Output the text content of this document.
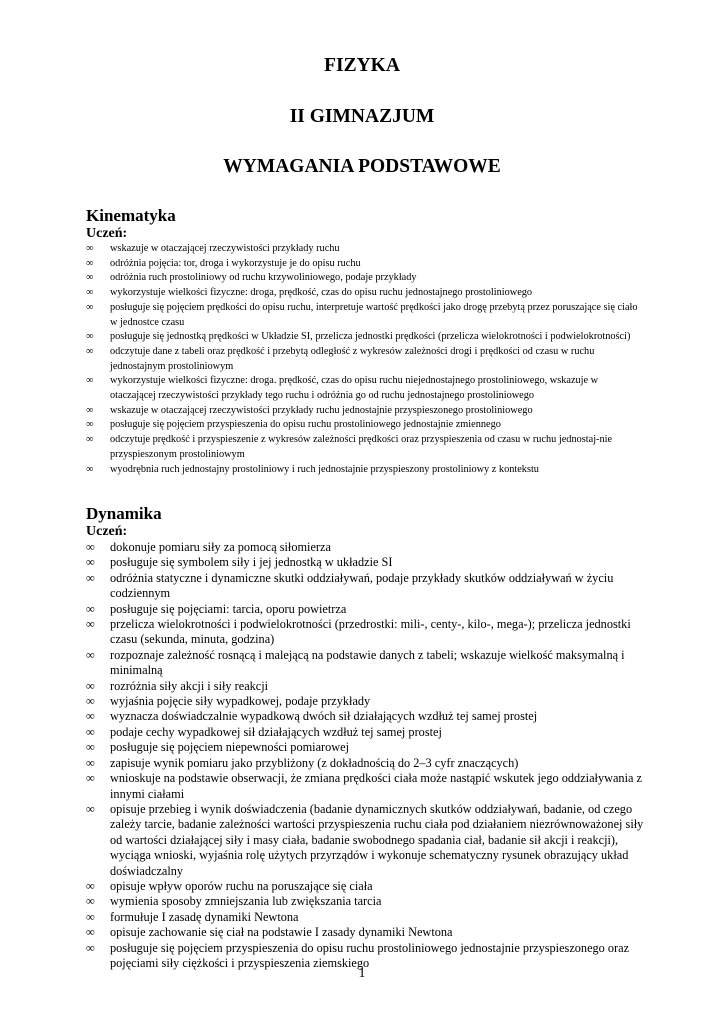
FIZYKA
II GIMNAZJUM
WYMAGANIA PODSTAWOWE
Kinematyka
Uczeń:
∞ wskazuje w otaczającej rzeczywistości przykłady ruchu
∞ odróżnia pojęcia: tor, droga i wykorzystuje je do opisu ruchu
∞ odróżnia ruch prostoliniowy od ruchu krzywoliniowego, podaje przykłady
∞ wykorzystuje wielkości fizyczne: droga, prędkość, czas do opisu ruchu jednostajnego prostoliniowego
∞ posługuje się pojęciem prędkości do opisu ruchu, interpretuje wartość prędkości jako drogę przebytą przez poruszające się ciało w jednostce czasu
∞ posługuje się jednostką prędkości w Układzie SI, przelicza jednostki prędkości (przelicza wielokrotności i podwielokrotności)
∞ odczytuje dane z tabeli oraz prędkość i przebytą odległość z wykresów zależności drogi i prędkości od czasu w ruchu jednostajnym prostoliniowym
∞ wykorzystuje wielkości fizyczne: droga. prędkość, czas do opisu ruchu niejednostajnego prostoliniowego, wskazuje w otaczającej rzeczywistości przykłady tego ruchu i odróżnia go od ruchu jednostajnego prostoliniowego
∞ wskazuje w otaczającej rzeczywistości przykłady ruchu jednostajnie przyspieszonego prostoliniowego
∞ posługuje się pojęciem przyspieszenia do opisu ruchu prostoliniowego jednostajnie zmiennego
∞ odczytuje prędkość i przyspieszenie z wykresów zależności prędkości oraz przyspieszenia od czasu w ruchu jednostaj-nie przyspieszonym prostoliniowym
∞ wyodrębnia ruch jednostajny prostoliniowy i ruch jednostajnie przyspieszony prostoliniowy z kontekstu
Dynamika
Uczeń:
∞ dokonuje pomiaru siły za pomocą siłomierza
∞ posługuje się symbolem siły i jej jednostką w układzie SI
∞ odróżnia statyczne i dynamiczne skutki oddziaływań, podaje przykłady skutków oddziaływań w życiu codziennym
∞ posługuje się pojęciami: tarcia, oporu powietrza
∞ przelicza wielokrotności i podwielokrotności (przedrostki: mili-, centy-, kilo-, mega-); przelicza jednostki czasu (sekunda, minuta, godzina)
∞ rozpoznaje zależność rosnącą i malejącą na podstawie danych z tabeli; wskazuje wielkość maksymalną i minimalną
∞ rozróżnia siły akcji i siły reakcji
∞ wyjaśnia pojęcie siły wypadkowej, podaje przykłady
∞ wyznacza doświadczalnie wypadkową dwóch sił działających wzdłuż tej samej prostej
∞ podaje cechy wypadkowej sił działających wzdłuż tej samej prostej
∞ posługuje się pojęciem niepewności pomiarowej
∞ zapisuje wynik pomiaru jako przybliżony (z dokładnością do 2–3 cyfr znaczących)
∞ wnioskuje na podstawie obserwacji, że zmiana prędkości ciała może nastąpić wskutek jego oddziaływania z innymi ciałami
∞ opisuje przebieg i wynik doświadczenia (badanie dynamicznych skutków oddziaływań, badanie, od czego zależy tarcie, badanie zależności wartości przyspieszenia ruchu ciała pod działaniem niezrównoważonej siły od wartości działającej siły i masy ciała, badanie swobodnego spadania ciał, badanie sił akcji i reakcji), wyciąga wnioski, wyjaśnia rolę użytych przyrządów i wykonuje schematyczny rysunek obrazujący układ doświadczalny
∞ opisuje wpływ oporów ruchu na poruszające się ciała
∞ wymienia sposoby zmniejszania lub zwiększania tarcia
∞ formułuje I zasadę dynamiki Newtona
∞ opisuje zachowanie się ciał na podstawie I zasady dynamiki Newtona
∞ posługuje się pojęciem przyspieszenia do opisu ruchu prostoliniowego jednostajnie przyspieszonego oraz pojęciami siły ciężkości i przyspieszenia ziemskiego
1
